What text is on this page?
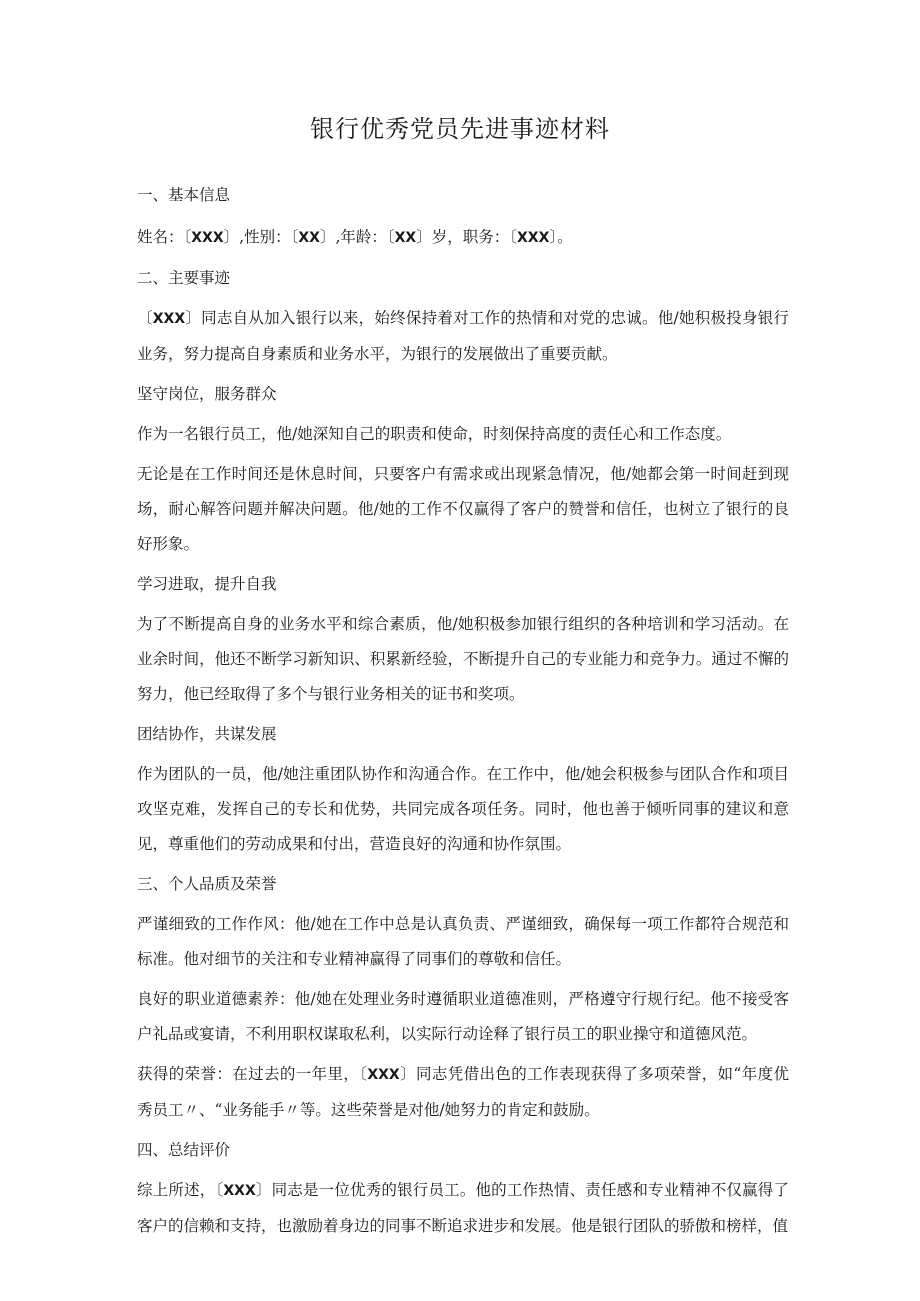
银行优秀党员先进事迹材料

一、基本信息

姓名：〔XXX〕,性别：〔XX〕,年龄：〔XX〕岁，职务：〔XXX〕。

二、主要事迹

〔XXX〕同志自从加入银行以来，始终保持着对工作的热情和对党的忠诚。他/她积极投身银行业务，努力提高自身素质和业务水平，为银行的发展做出了重要贡献。

坚守岗位，服务群众

作为一名银行员工，他/她深知自己的职责和使命，时刻保持高度的责任心和工作态度。

无论是在工作时间还是休息时间，只要客户有需求或出现紧急情况，他/她都会第一时间赶到现场，耐心解答问题并解决问题。他/她的工作不仅赢得了客户的赞誉和信任，也树立了银行的良好形象。

学习进取，提升自我

为了不断提高自身的业务水平和综合素质，他/她积极参加银行组织的各种培训和学习活动。在业余时间，他还不断学习新知识、积累新经验，不断提升自己的专业能力和竞争力。通过不懈的努力，他已经取得了多个与银行业务相关的证书和奖项。

团结协作，共谋发展

作为团队的一员，他/她注重团队协作和沟通合作。在工作中，他/她会积极参与团队合作和项目攻坚克难，发挥自己的专长和优势，共同完成各项任务。同时，他也善于倾听同事的建议和意见，尊重他们的劳动成果和付出，营造良好的沟通和协作氛围。

三、个人品质及荣誉

严谨细致的工作作风：他/她在工作中总是认真负责、严谨细致，确保每一项工作都符合规范和标准。他对细节的关注和专业精神赢得了同事们的尊敬和信任。

良好的职业道德素养：他/她在处理业务时遵循职业道德准则，严格遵守行规行纪。他不接受客户礼品或宴请，不利用职权谋取私利，以实际行动诠释了银行员工的职业操守和道德风范。

获得的荣誉：在过去的一年里，〔XXX〕同志凭借出色的工作表现获得了多项荣誉，如“年度优秀员工〃、“业务能手〃等。这些荣誉是对他/她努力的肯定和鼓励。

四、总结评价

综上所述，〔XXX〕同志是一位优秀的银行员工。他的工作热情、责任感和专业精神不仅赢得了客户的信赖和支持，也激励着身边的同事不断追求进步和发展。他是银行团队的骄傲和榜样，值
